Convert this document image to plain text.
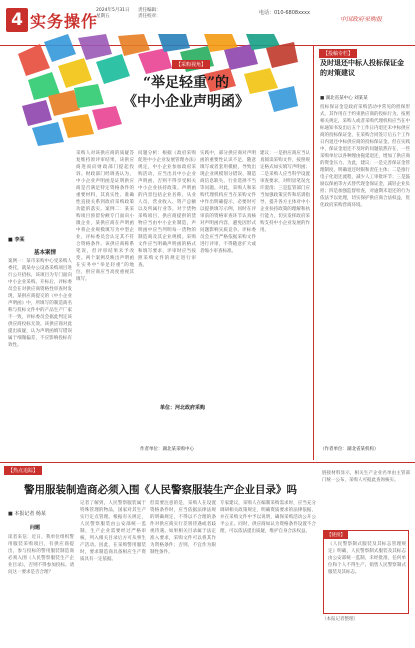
4 实务操作
2024年5月31日
星期五
责任编辑：
责任校对：
电话：010-6808xxxx
中国政府采购报
【采购视角】
“举足轻重”的
《中小企业声明函》
■ 李某
基本案情
案例一：某市采购中心受采购人委托，就某办公设备采购项目进行公开招标，该项目为专门面向中小企业采购。开标后，评标委员会在对供应商资格性审查时发现，某供应商提交的《中小企业声明函》中，所填写的制造商名称与投标文件中的产品生产厂家不一致，评标委员会据此判定该供应商投标无效。该供应商对此提出质疑，认为声明函填写错误属于细微偏差，不应影响投标有效性。
采购人对该供应商的质疑答复维持原评审结果，该供应商进而向财政部门提起投诉。财政部门经调查认为，中小企业声明函是证明供应商是否满足特定资格条件的重要材料，其真实性、准确性直接关系到政府采购政策功能的落实。案例二：某采购项目预留份额专门面向小微企业，某供应商在声明函中将企业规模填写为中型企业，评标委员会认定其不符合资格条件。该供应商称系笔误，但评审结果未予改变。两个案例反映出声明函在实务中“举足轻重”的地位，供应商应当高度重视其填写。
问题分析：根据《政府采购促进中小企业发展管理办法》规定，中小企业参加政府采购活动，应当出具中小企业声明函，否则不得享受相关中小企业扶持政策。声明函的内容包括企业名称、从业人员、营业收入、资产总额以及所属行业等。对于货物采购项目，供应商提供的货物应当由中小企业制造，声明函中应当列明每一货物的制造商及其企业规模。采购文件应当明确声明函的格式和填写要求，评审时应当按照采购文件的规定进行审查。
单位：河北政府采购
作者单位：湖北某采购中心
实践中，部分供应商对声明函的重要性认识不足，随意填写或者套用模板，导致出现企业规模划分错误、制造商信息缺失、行业选择不当等问题。对此，采购人和采购代理机构应当在采购文件中作出明确提示，必要时可以提供填写示例，同时在评审前的资格审查环节认真核对声明函内容，避免因形式问题影响实质竞争。评标委员会应当严格依据采购文件进行评审，不得随意扩大或者缩小审查标准。
建议：一是供应商应当认真阅读采购文件，按照规定格式如实填写声明函；二是采购人应当科学设置审查要求，对明显笔误允许澄清；三是监管部门应当加强政策宣传和培训指导，提升各方主体对中小企业扶持政策的理解和执行能力，切实发挥政府采购支持中小企业发展的作用。
【投稿专栏】
及时退还中标人投标保证金的对策建议
■ 湖北省某中心 刘某某
投标保证金是政府采购活动中常见的担保形式，其作用在于约束供应商的投标行为。按照相关规定，采购人或者采购代理机构应当在中标通知书发出后五个工作日内退还未中标供应商的投标保证金，在采购合同签订后五个工作日内退还中标供应商的投标保证金。但在实践中，保证金退还不及时的问题依然存在，一些采购单位以各种理由拖延退还，增加了供应商的资金压力。为此，建议：一是完善保证金管理制度，明确退还时限和责任主体；二是推行电子化退还流程，减少人工审批环节；三是鼓励以保函等方式替代现金保证金，减轻企业负担；四是加强监督检查，对逾期未退还的行为依法予以处理，切实保护供应商合法权益，优化政府采购营商环境。
（作者单位：湖北省某机构）
【热点追踪】
警用服装制造商必须入围《人民警察服装生产企业目录》吗
■ 本报记者 杨某
问题
读者来信：近日，我单位组织警用服装采购项目，有供应商提出，参与投标的警用服装制造商必须入围《人民警察服装生产企业目录》，否则不得参加投标。请问这一要求是否合理？
记者了解到，人民警察服装属于特殊管理的物品，国家对其生产实行定点管理。根据有关规定，人民警察服装由公安部统一监制，生产企业需要经过严格审核，列入相关目录后方可从事生产活动。因此，在采购警用服装时，要求制造商具备相应生产资质具有一定依据。
但需要注意的是，采购人在设置资格条件时，应当依据法律法规的明确规定，不得以不合理的条件对供应商实行差别待遇或者歧视待遇。如果相关目录属于法定准入要求，采购文件可以将其作为资格条件；否则，不宜作为限制性条件。
专家建议，采购人在编制采购需求时，应当充分调研相关政策规定，明确资质要求的法律依据，并在采购文件中予以说明，确保采购活动公开公平公正。同时，供应商如认为资格条件设置不合理，可以依法提出质疑，维护自身合法权益。
【链接】
《人民警察制式服装及其标志管理规定》明确，人民警察制式服装及其标志由公安部统一监制，未经批准，任何单位和个人不得生产、销售人民警察制式服装及其标志。
链接材料显示，相关生产企业名单由主管部门统一公布，采购人可据此查询核实。
（本报记者整理）
